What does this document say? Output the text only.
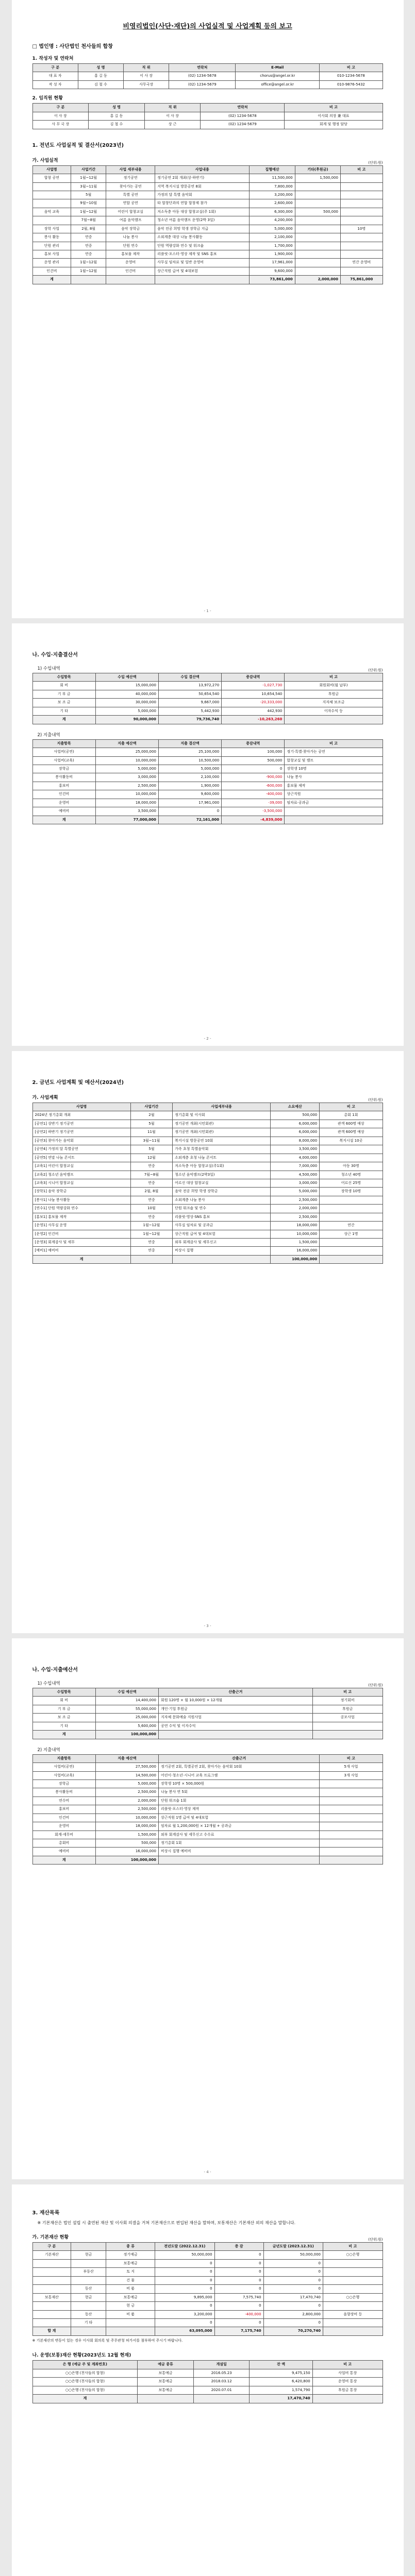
비영리법인(사단·재단)의 사업실적 및 사업계획 등의 보고
□ 법인명 : 사단법인 천사들의 합창
1. 작성자 및 연락처
구 분	성 명	직 위	연락처	E-Mail	비 고
대 표 자	홍 길 동	이 사 장	(02) 1234-5678	chorus@angel.or.kr	010-1234-5678
작 성 자	김 철 수	사무국장	(02) 1234-5679	office@angel.or.kr	010-9876-5432
2. 임직원 현황
구 분	성 명	직 위	연락처	비 고
이 사 장	홍 길 동	이 사 장	(02) 1234-5678	이사회 의장 兼 대표
사 무 국 장	김 철 수	상 근	(02) 1234-5679	회계 및 행정 담당
1. 전년도 사업실적 및 결산서(2023년)
가. 사업실적	(단위:원)
사업명	사업기간	사업 세부내용	사업내용	집행예산	기타(후원금)	비 고
합창 공연	1월~12월	정기공연	정기공연 2회 개최(상·하반기)	11,500,000	1,500,000	
	3월~11월	찾아가는 공연	지역 복지시설 방문공연 8회	7,800,000		
	5월	특별 공연	가정의 달 특별 음악회	3,200,000		
	9월~10월	연합 공연	타 합창단과의 연합 합창제 참가	2,600,000		
음악 교육	1월~12월	어린이 합창교실	저소득층 아동 대상 합창교실(주 1회)	6,300,000	500,000	
	7월~8월	여름 음악캠프	청소년 여름 음악캠프 운영(2박 3일)	4,200,000		
장학 사업	2월, 8월	음악 장학금	음악 전공 희망 학생 장학금 지급	5,000,000		10명
봉사 활동	연중	나눔 봉사	소외계층 대상 나눔 봉사활동	2,100,000		
단원 관리	연중	단원 연수	단원 역량강화 연수 및 워크숍	1,700,000		
홍보 사업	연중	홍보물 제작	리플릿·포스터·영상 제작 및 SNS 홍보	1,900,000		
운영 관리	1월~12월	운영비	사무실 임차료 및 일반 운영비	17,961,000		연간 운영비
인건비	1월~12월	인건비	상근직원 급여 및 4대보험	9,600,000		
계				73,861,000	2,000,000	75,861,000
- 1 -
나. 수입·지출결산서
1) 수입내역	(단위:원)
수입항목	수입 예산액	수입 결산액	증감내역	비 고
회 비	15,000,000	13,972,270	-1,027,730	회원회비(월 납부)
기 부 금	40,000,000	50,654,540	10,654,540	후원금
보 조 금	30,000,000	9,667,000	-20,333,000	지자체 보조금
기 타	5,000,000	5,442,930	442,930	이자수익 등
계	90,000,000	79,736,740	-10,263,260	
2) 지출내역
지출항목	지출 예산액	지출 결산액	증감내역	비 고
사업비(공연)	25,000,000	25,100,000	100,000	정기·특별·찾아가는 공연
사업비(교육)	10,000,000	10,500,000	500,000	합창교실 및 캠프
장학금	5,000,000	5,000,000	0	장학생 10명
봉사활동비	3,000,000	2,100,000	-900,000	나눔 봉사
홍보비	2,500,000	1,900,000	-600,000	홍보물 제작
인건비	10,000,000	9,600,000	-400,000	상근직원
운영비	18,000,000	17,961,000	-39,000	임차료·공과금
예비비	3,500,000	0	-3,500,000	
계	77,000,000	72,161,000	-4,839,000	
- 2 -
2. 금년도 사업계획 및 예산서(2024년)
가. 사업계획	(단위:원)
사업명	사업기간	사업세부내용	소요예산	비 고
2024년 정기총회 개최	2월	정기총회 및 이사회	500,000	총회 1회
[공연1] 상반기 정기공연	5월	정기공연 개최(시민회관)	6,000,000	관객 600명 예상
[공연2] 하반기 정기공연	11월	정기공연 개최(시민회관)	6,000,000	관객 600명 예상
[공연3] 찾아가는 음악회	3월~11월	복지시설 방문공연 10회	8,000,000	복지시설 10곳
[공연4] 가정의 달 특별공연	5월	가족 초청 특별음악회	3,500,000	
[공연5] 연말 나눔 콘서트	12월	소외계층 초청 나눔 콘서트	4,000,000	
[교육1] 어린이 합창교실	연중	저소득층 아동 합창교실(주1회)	7,000,000	아동 30명
[교육2] 청소년 음악캠프	7월~8월	청소년 음악캠프(2박3일)	4,500,000	청소년 40명
[교육3] 시니어 합창교실	연중	어르신 대상 합창교실	3,000,000	어르신 25명
[장학1] 음악 장학금	2월, 8월	음악 전공 희망 학생 장학금	5,000,000	장학생 10명
[봉사1] 나눔 봉사활동	연중	소외계층 나눔 봉사	2,500,000	
[연수1] 단원 역량강화 연수	10월	단원 워크숍 및 연수	2,000,000	
[홍보1] 홍보물 제작	연중	리플릿·영상·SNS 홍보	2,500,000	
[운영1] 사무실 운영	1월~12월	사무실 임차료 및 공과금	18,000,000	연간
[운영2] 인건비	1월~12월	상근직원 급여 및 4대보험	10,000,000	상근 1명
[운영3] 회계감사 및 세무	연중	외부 회계감사 및 세무신고	1,500,000	
[예비1] 예비비	연중	비상시 집행	16,000,000	
계			100,000,000	
- 3 -
나. 수입·지출예산서
1) 수입내역	(단위:원)
수입항목	수입 예산액	산출근거	비 고
회 비	14,400,000	회원 120명 × 월 10,000원 × 12개월	정기회비
기 부 금	55,000,000	개인·기업 후원금	후원금
보 조 금	25,000,000	지자체 문화예술 지원사업	공모사업
기 타	5,600,000	공연 수익 및 이자수익	
계	100,000,000		
2) 지출내역
지출항목	지출 예산액	산출근거	비 고
사업비(공연)	27,500,000	정기공연 2회, 특별공연 2회, 찾아가는 음악회 10회	5개 사업
사업비(교육)	14,500,000	어린이·청소년·시니어 교육 프로그램	3개 사업
장학금	5,000,000	장학생 10명 × 500,000원	
봉사활동비	2,500,000	나눔 봉사 연 5회	
연수비	2,000,000	단원 워크숍 1회	
홍보비	2,500,000	리플릿·포스터·영상 제작	
인건비	10,000,000	상근직원 1명 급여 및 4대보험	
운영비	18,000,000	임차료 월 1,200,000원 × 12개월 + 공과금	
회계·세무비	1,500,000	외부 회계감사 및 세무신고 수수료	
총회비	500,000	정기총회 1회	
예비비	16,000,000	비상시 집행 예비비	
계	100,000,000		
- 4 -
3. 재산목록
※ 기본재산은 법인 설립 시 출연된 재산 및 이사회 의결을 거쳐 기본재산으로 편입된 재산을 말하며, 보통재산은 기본재산 외의 재산을 말합니다.
가. 기본재산 현황	(단위:원)
구 분		종 류	전년도말 (2022.12.31)	증 감	금년도말 (2023.12.31)	비 고
기본재산	현금	정기예금	50,000,000	0	50,000,000	○○은행
		보통예금	0	0	0	
	부동산	토 지	0	0	0	
		건 물	0	0	0	
	동산	비 품	0	0	0	
보통재산	현금	보통예금	9,895,000	7,575,740	17,470,740	○○은행
		현 금	0	0	0	
	동산	비 품	3,200,000	-400,000	2,800,000	음향장비 등
	기 타		0	0	0	
합 계			63,095,000	7,175,740	70,270,740	
※ 기본재산의 변동이 있는 경우 이사회 회의록 및 주무관청 허가서를 첨부하여 주시기 바랍니다.
나. 운영(보통)재산 현황(2023년도 12월 현재)
은 행 (예금 주 및 계좌번호)	예금 종류	개설일	잔 액	비 고
○○은행 (천사들의 합창)	보통예금	2016.05.23	9,475,150	사업비 통장
○○은행 (천사들의 합창)	보통예금	2018.03.12	6,420,800	운영비 통장
○○은행 (천사들의 합창)	보통예금	2020.07.01	1,574,790	후원금 통장
계			17,470,740	
